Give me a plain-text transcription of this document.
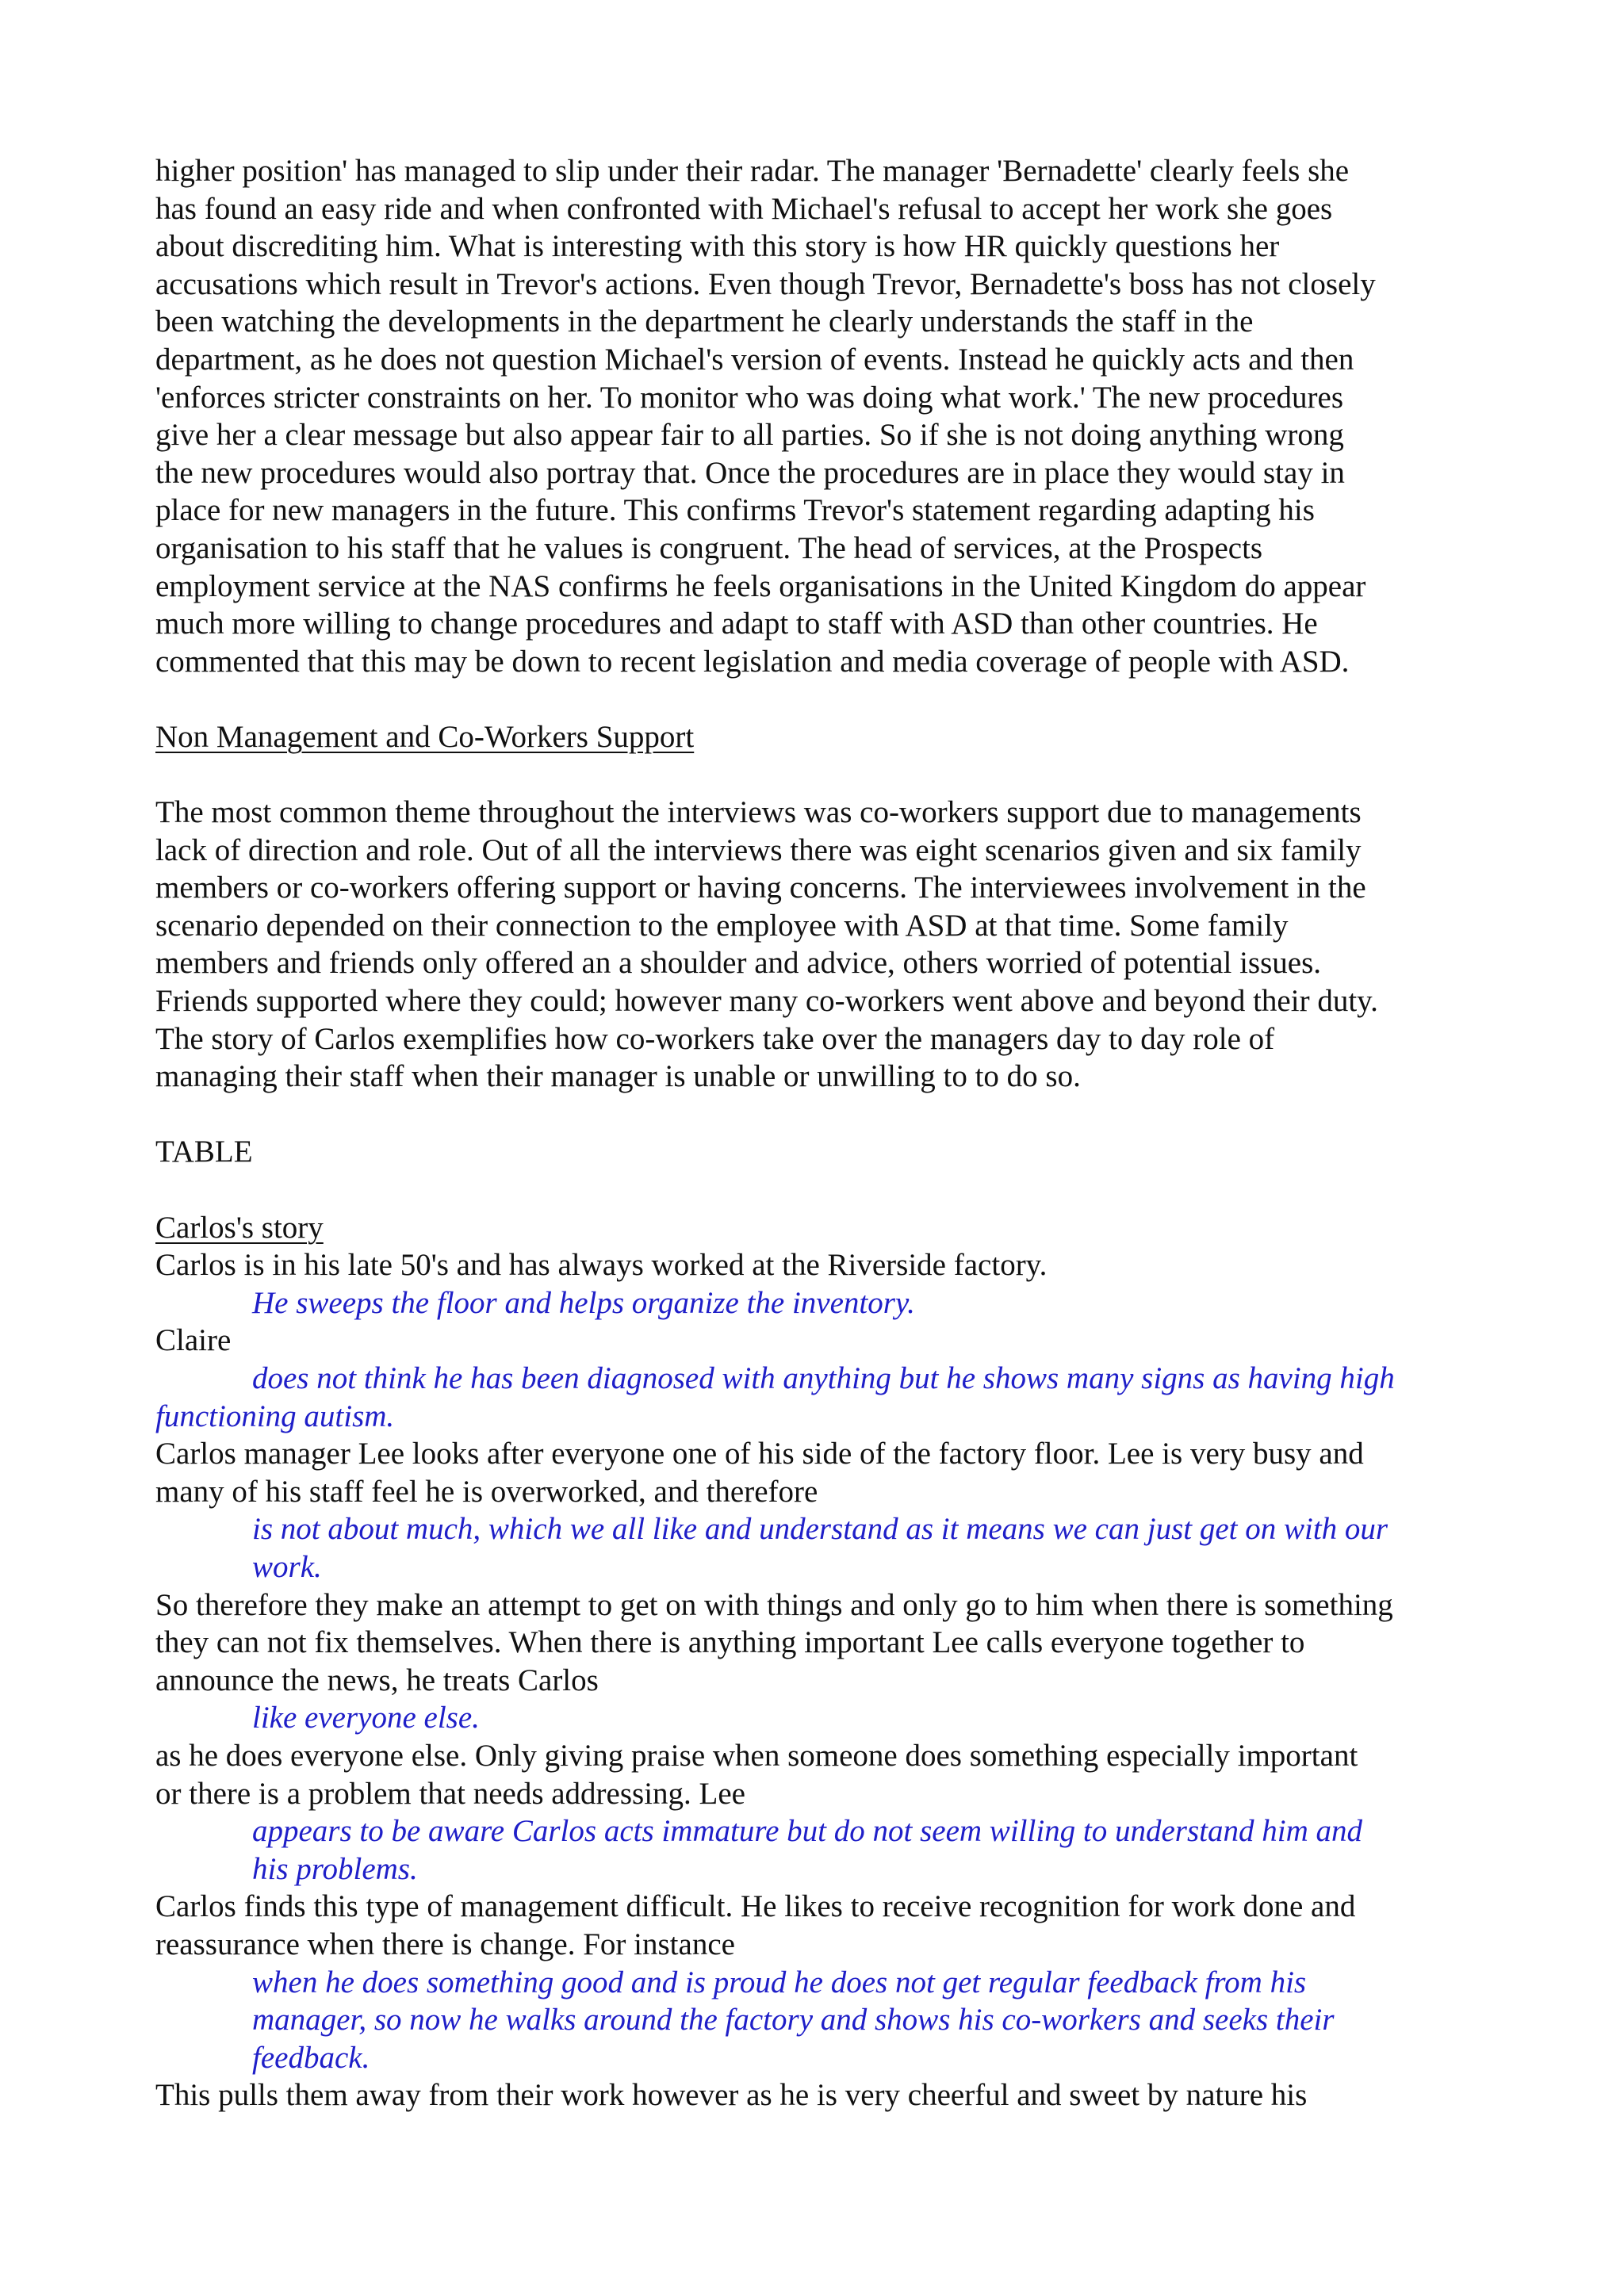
higher position' has managed to slip under their radar. The manager 'Bernadette' clearly feels she
has found an easy ride and when confronted with Michael's refusal to accept her work she goes
about discrediting him. What is interesting with this story is how HR quickly questions her
accusations which result in Trevor's actions. Even though Trevor, Bernadette's boss has not closely
been watching the developments in the department he clearly understands the staff in the
department, as he does not question Michael's version of events. Instead he quickly acts and then
'enforces stricter constraints on her. To monitor who was doing what work.' The new procedures
give her a clear message but also appear fair to all parties. So if she is not doing anything wrong
the new procedures would also portray that. Once the procedures are in place they would stay in
place for new managers in the future. This confirms Trevor's statement regarding adapting his
organisation to his staff that he values is congruent. The head of services, at the Prospects
employment service at the NAS confirms he feels organisations in the United Kingdom do appear
much more willing to change procedures and adapt to staff with ASD than other countries. He
commented that this may be down to recent legislation and media coverage of people with ASD.

Non Management and Co-Workers Support

The most common theme throughout the interviews was co-workers support due to managements
lack of direction and role. Out of all the interviews there was eight scenarios given and six family
members or co-workers offering support or having concerns. The interviewees involvement in the
scenario depended on their connection to the employee with ASD at that time. Some family
members and friends only offered an a shoulder and advice, others worried of potential issues.
Friends supported where they could; however many co-workers went above and beyond their duty.
The story of Carlos exemplifies how co-workers take over the managers day to day role of
managing their staff when their manager is unable or unwilling to to do so.

TABLE

Carlos's story

Carlos is in his late 50's and has always worked at the Riverside factory.

He sweeps the floor and helps organize the inventory.

Claire

does not think he has been diagnosed with anything but he shows many signs as having high
functioning autism.

Carlos manager Lee looks after everyone one of his side of the factory floor. Lee is very busy and
many of his staff feel he is overworked, and therefore

is not about much, which we all like and understand as it means we can just get on with our
work.

So therefore they make an attempt to get on with things and only go to him when there is something
they can not fix themselves. When there is anything important Lee calls everyone together to
announce the news, he treats Carlos

like everyone else.

as he does everyone else. Only giving praise when someone does something especially important
or there is a problem that needs addressing. Lee

appears to be aware Carlos acts immature but do not seem willing to understand him and
his problems.

Carlos finds this type of management difficult. He likes to receive recognition for work done and
reassurance when there is change. For instance

when he does something good and is proud he does not get regular feedback from his
manager, so now he walks around the factory and shows his co-workers and seeks their
feedback.

This pulls them away from their work however as he is very cheerful and sweet by nature his
